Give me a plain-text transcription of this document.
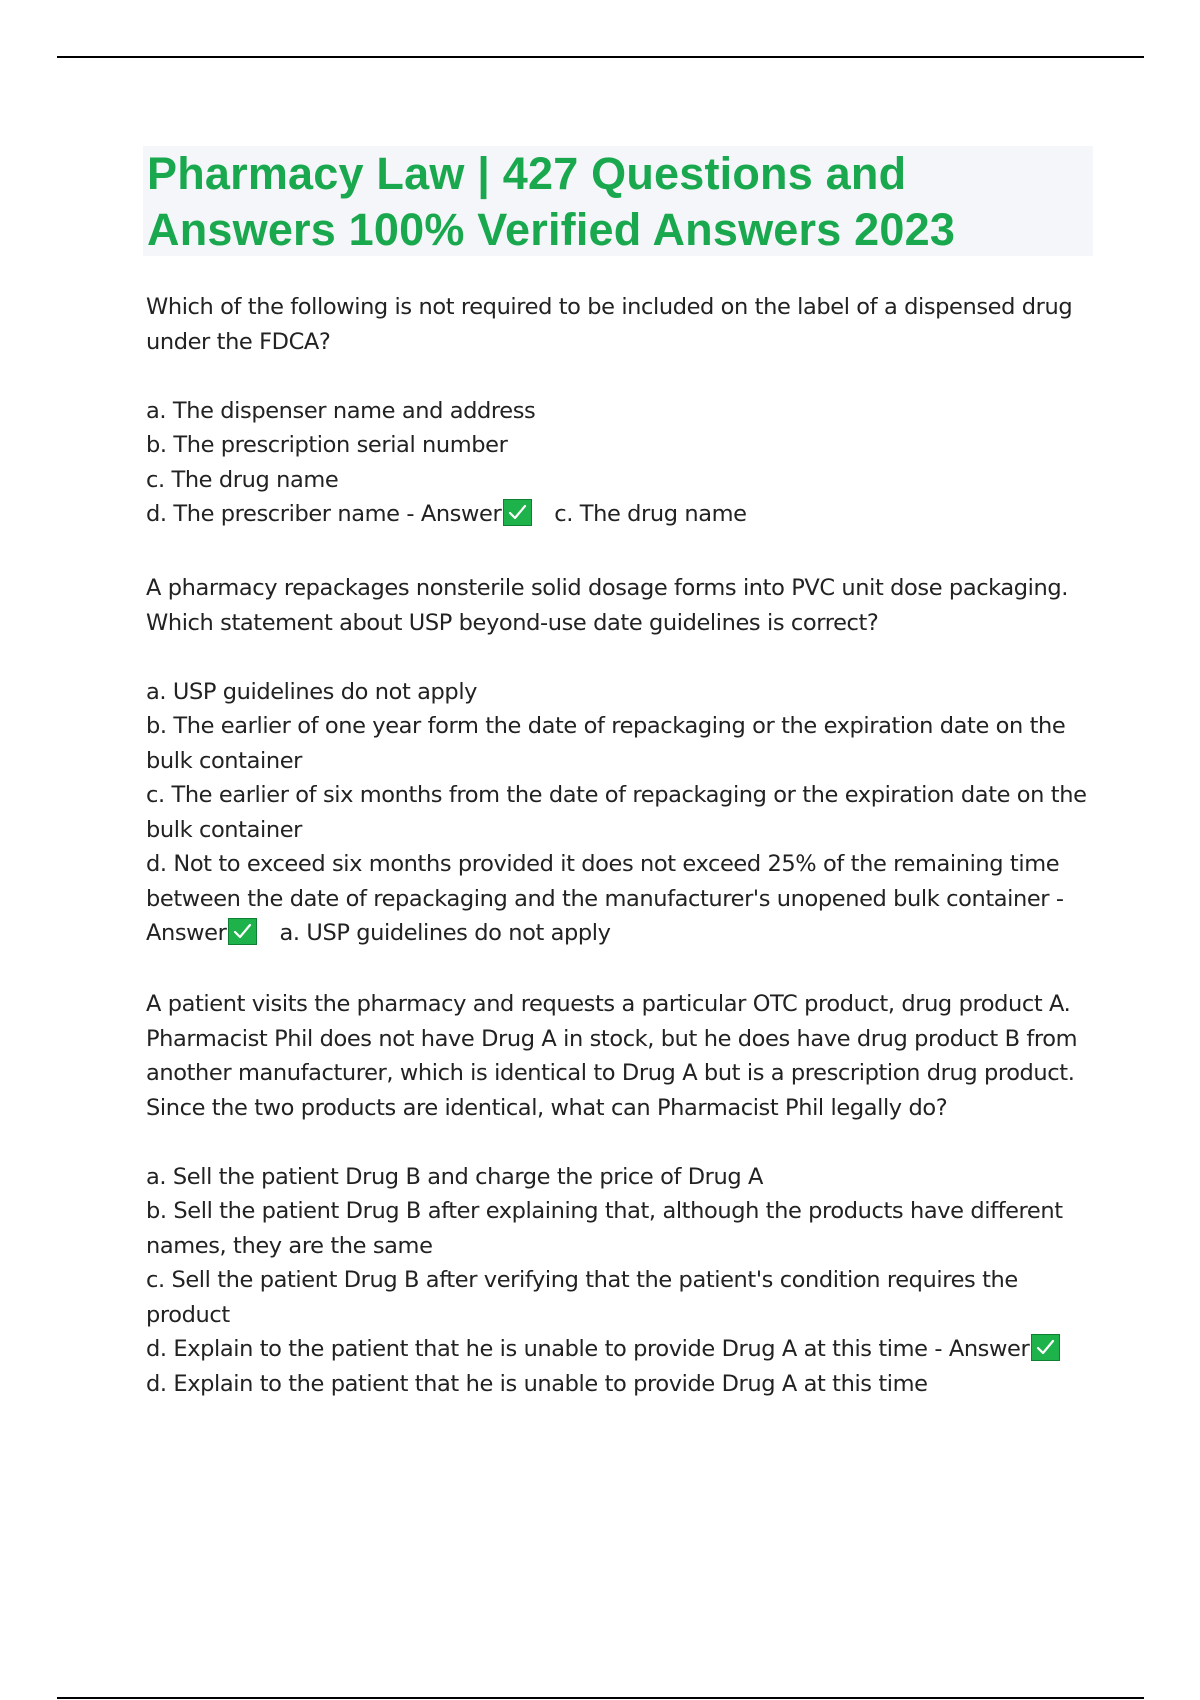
Pharmacy Law | 427 Questions and
Answers 100% Verified Answers 2023

Which of the following is not required to be included on the label of a dispensed drug under the FDCA?

a. The dispenser name and address

b. The prescription serial number

c. The drug name

d. The prescriber name - Answer c. The drug name

A pharmacy repackages nonsterile solid dosage forms into PVC unit dose packaging. Which statement about USP beyond-use date guidelines is correct?

a. USP guidelines do not apply

b. The earlier of one year form the date of repackaging or the expiration date on the bulk container

c. The earlier of six months from the date of repackaging or the expiration date on the bulk container

d. Not to exceed six months provided it does not exceed 25% of the remaining time between the date of repackaging and the manufacturer's unopened bulk container - Answer a. USP guidelines do not apply

A patient visits the pharmacy and requests a particular OTC product, drug product A. Pharmacist Phil does not have Drug A in stock, but he does have drug product B from another manufacturer, which is identical to Drug A but is a prescription drug product. Since the two products are identical, what can Pharmacist Phil legally do?

a. Sell the patient Drug B and charge the price of Drug A

b. Sell the patient Drug B after explaining that, although the products have different names, they are the same

c. Sell the patient Drug B after verifying that the patient's condition requires the product

d. Explain to the patient that he is unable to provide Drug A at this time - Answer
d. Explain to the patient that he is unable to provide Drug A at this time
